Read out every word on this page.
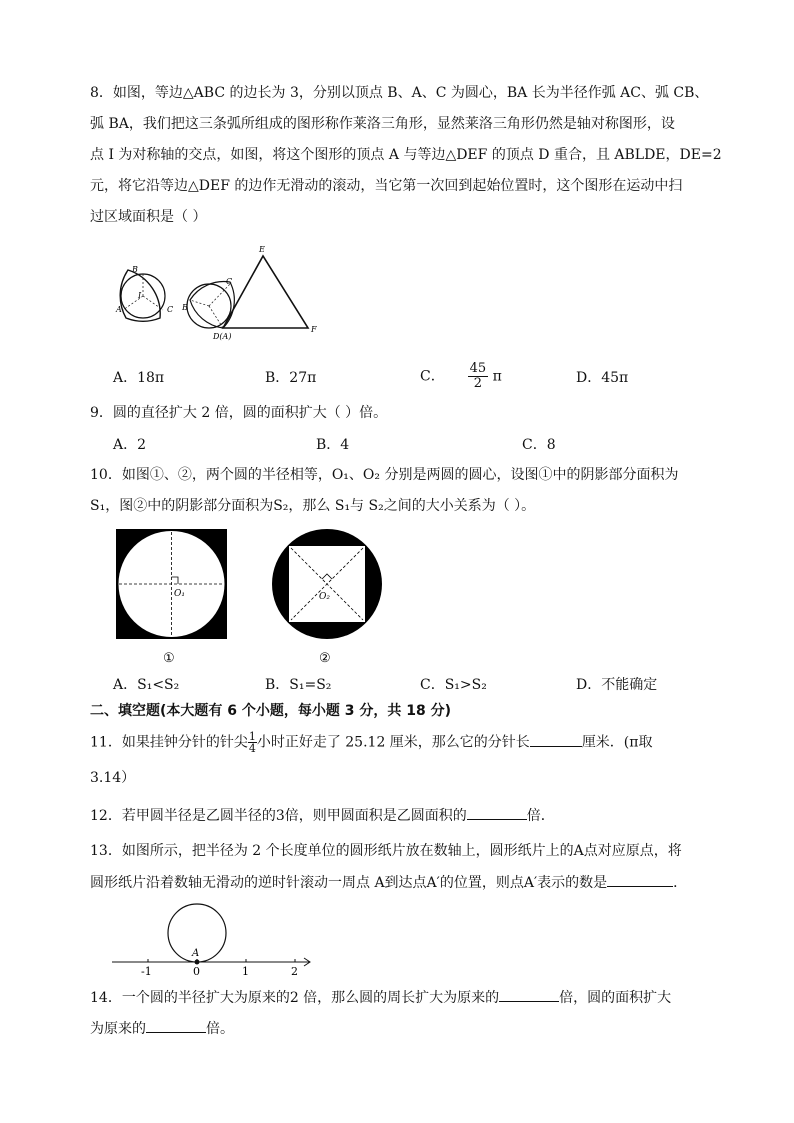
8．如图，等边△ABC 的边长为 3，分别以顶点 B、A、C 为圆心，BA 长为半径作弧 AC、弧 CB、
弧 BA，我们把这三条弧所组成的图形称作莱洛三角形，显然莱洛三角形仍然是轴对称图形，设
点 I 为对称轴的交点，如图，将这个图形的顶点 A 与等边△DEF 的顶点 D 重合，且 ABLDE，DE=2
元，将它沿等边△DEF 的边作无滑动的滚动，当它第一次回到起始位置时，这个图形在运动中扫
过区域面积是（ ）
B
I
A	C
C
B
D(A)
E
F
A．18π	B．27π	C． $\frac{45}{2}$ π	D．45π
9．圆的直径扩大 2 倍，圆的面积扩大（ ）倍。
A．2	B．4	C．8
10．如图①、②，两个圆的半径相等，O₁、O₂ 分别是两圆的圆心，设图①中的阴影部分面积为
S₁，图②中的阴影部分面积为S₂，那么 S₁与 S₂之间的大小关系为（ ）。
O₁
①
O₂
②
A．S₁<S₂	B．S₁=S₂	C．S₁>S₂	D．不能确定
二、填空题(本大题有 6 个小题，每小题 3 分，共 18 分)
11．如果挂钟分针的针尖 $\frac{1}{4}$ 小时正好走了 25.12 厘米，那么它的分针长	厘米．(π取
3.14）
12．若甲圆半径是乙圆半径的3倍，则甲圆面积是乙圆面积的	倍．
13．如图所示，把半径为 2 个长度单位的圆形纸片放在数轴上，圆形纸片上的A点对应原点，将
圆形纸片沿着数轴无滑动的逆时针滚动一周点 A到达点A′的位置，则点A′表示的数是	．
A
-1	0	1	2
14．一个圆的半径扩大为原来的2 倍，那么圆的周长扩大为原来的	倍，圆的面积扩大
为原来的	倍。
